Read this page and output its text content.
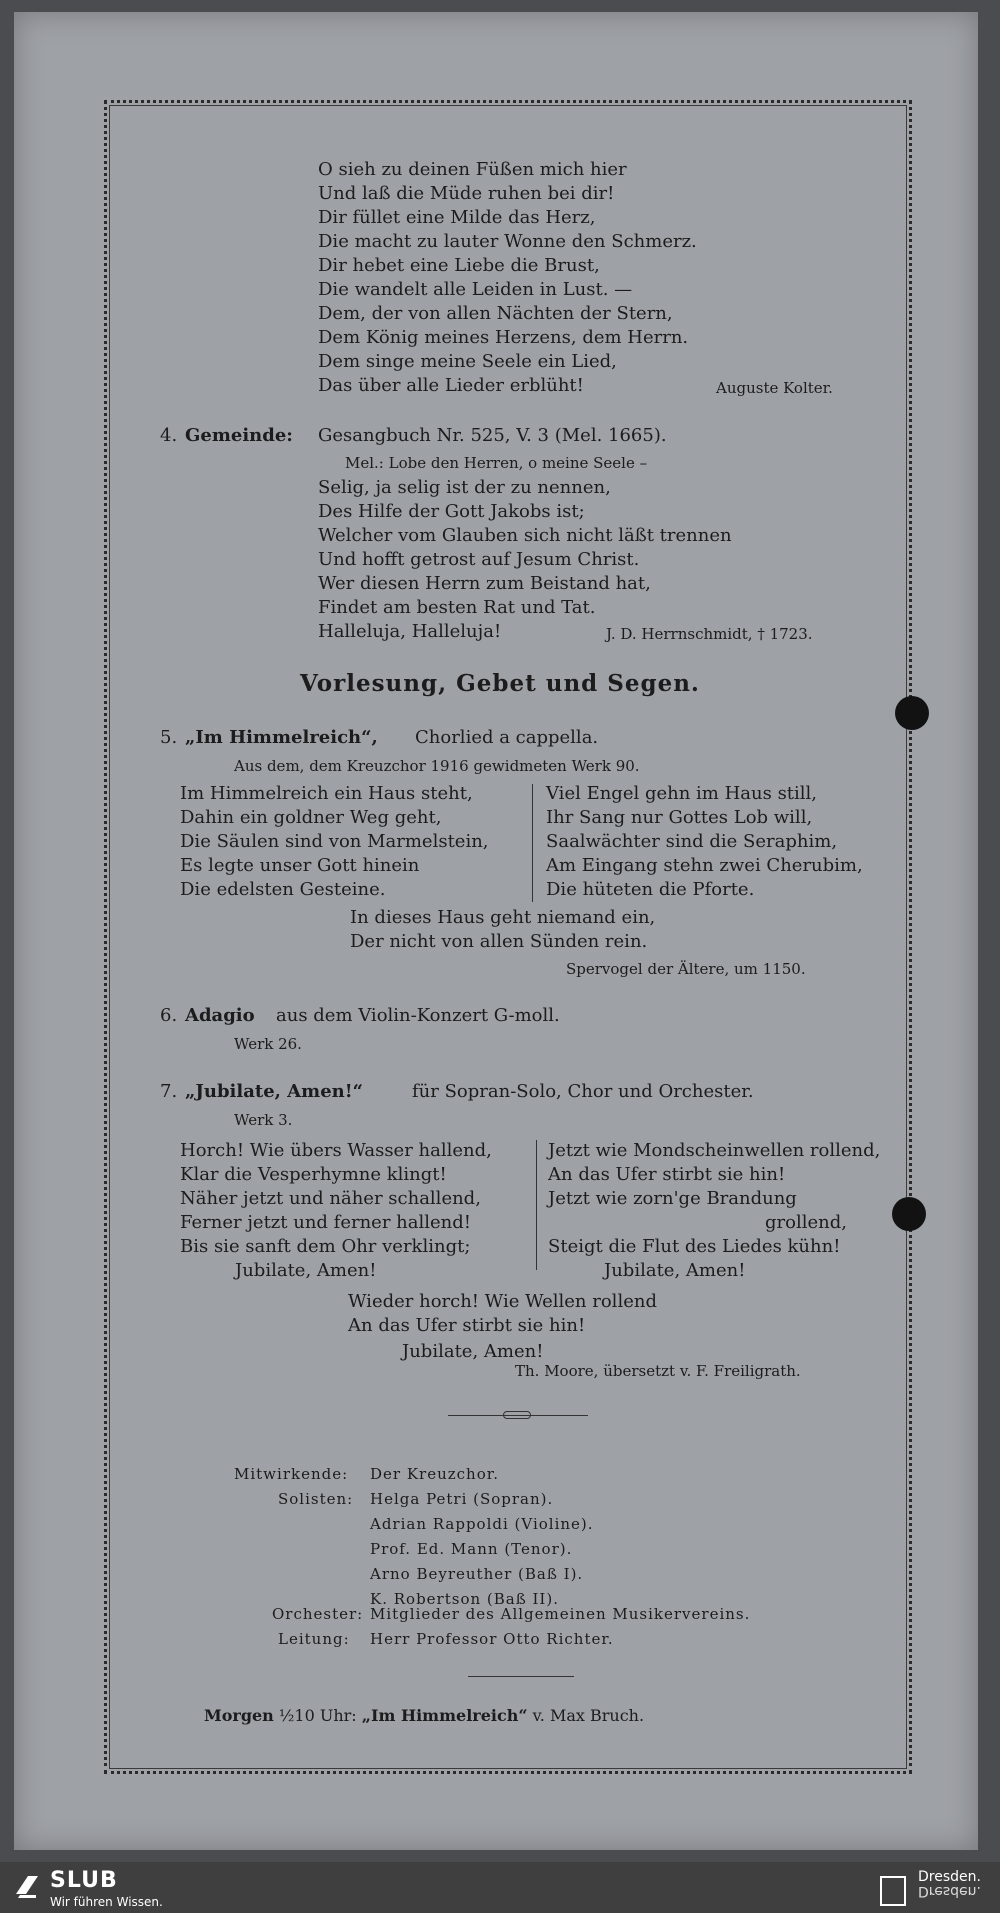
O sieh zu deinen Füßen mich hier
Und laß die Müde ruhen bei dir!
Dir füllet eine Milde das Herz,
Die macht zu lauter Wonne den Schmerz.
Dir hebet eine Liebe die Brust,
Die wandelt alle Leiden in Lust. —
Dem, der von allen Nächten der Stern,
Dem König meines Herzens, dem Herrn.
Dem singe meine Seele ein Lied,
Das über alle Lieder erblüht!	Auguste Kolter.
4. Gemeinde: Gesangbuch Nr. 525, V. 3 (Mel. 1665).
Mel.: Lobe den Herren, o meine Seele –
Selig, ja selig ist der zu nennen,
Des Hilfe der Gott Jakobs ist;
Welcher vom Glauben sich nicht läßt trennen
Und hofft getrost auf Jesum Christ.
Wer diesen Herrn zum Beistand hat,
Findet am besten Rat und Tat.
Halleluja, Halleluja!	J. D. Herrnschmidt, † 1723.
Vorlesung, Gebet und Segen.
5. „Im Himmelreich“, Chorlied a cappella.
Aus dem, dem Kreuzchor 1916 gewidmeten Werk 90.
Im Himmelreich ein Haus steht,
Dahin ein goldner Weg geht,
Die Säulen sind von Marmelstein,
Es legte unser Gott hinein
Die edelsten Gesteine.
Viel Engel gehn im Haus still,
Ihr Sang nur Gottes Lob will,
Saalwächter sind die Seraphim,
Am Eingang stehn zwei Cherubim,
Die hüteten die Pforte.
In dieses Haus geht niemand ein,
Der nicht von allen Sünden rein.
Spervogel der Ältere, um 1150.
6. Adagio aus dem Violin-Konzert G-moll.
Werk 26.
7. „Jubilate, Amen!“	für Sopran-Solo, Chor und Orchester.
Werk 3.
Horch! Wie übers Wasser hallend,
Klar die Vesperhymne klingt!
Näher jetzt und näher schallend,
Ferner jetzt und ferner hallend!
Bis sie sanft dem Ohr verklingt;
Jubilate, Amen!
Jetzt wie Mondscheinwellen rollend,
An das Ufer stirbt sie hin!
Jetzt wie zorn'ge Brandung
grollend,
Steigt die Flut des Liedes kühn!
Jubilate, Amen!
Wieder horch! Wie Wellen rollend
An das Ufer stirbt sie hin!
Jubilate, Amen!
Th. Moore, übersetzt v. F. Freiligrath.
Mitwirkende: Der Kreuzchor.
Solisten: Helga Petri (Sopran).
Adrian Rappoldi (Violine).
Prof. Ed. Mann (Tenor).
Arno Beyreuther (Baß I).
K. Robertson (Baß II).
Orchester: Mitglieder des Allgemeinen Musikervereins.
Leitung: Herr Professor Otto Richter.
Morgen ½10 Uhr: „Im Himmelreich“ v. Max Bruch.
SLUB
Wir führen Wissen.
Dresden.
Dresden.
